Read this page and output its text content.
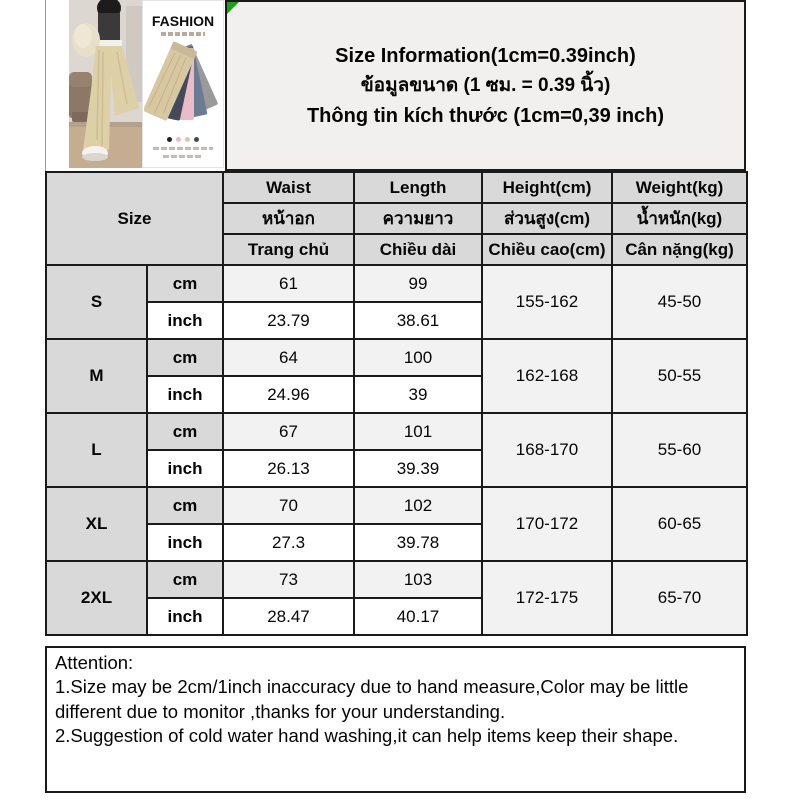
FASHION
Size Information(1cm=0.39inch)
ข้อมูลขนาด (1 ซม. = 0.39 นิ้ว)
Thông tin kích thước (1cm=0,39 inch)
Size		Waist	Length	Height(cm)	Weight(kg)
		หน้าอก	ความยาว	ส่วนสูง(cm)	น้ำหนัก(kg)
		Trang chủ	Chiều dài	Chiều cao(cm)	Cân nặng(kg)
S	cm	61	99	155-162	45-50
	inch	23.79	38.61		
M	cm	64	100	162-168	50-55
	inch	24.96	39		
L	cm	67	101	168-170	55-60
	inch	26.13	39.39		
XL	cm	70	102	170-172	60-65
	inch	27.3	39.78		
2XL	cm	73	103	172-175	65-70
	inch	28.47	40.17		
Attention:
1.Size may be 2cm/1inch inaccuracy due to hand measure,Color may be little different due to monitor ,thanks for your understanding.
2.Suggestion of cold water hand washing,it can help items keep their shape.
